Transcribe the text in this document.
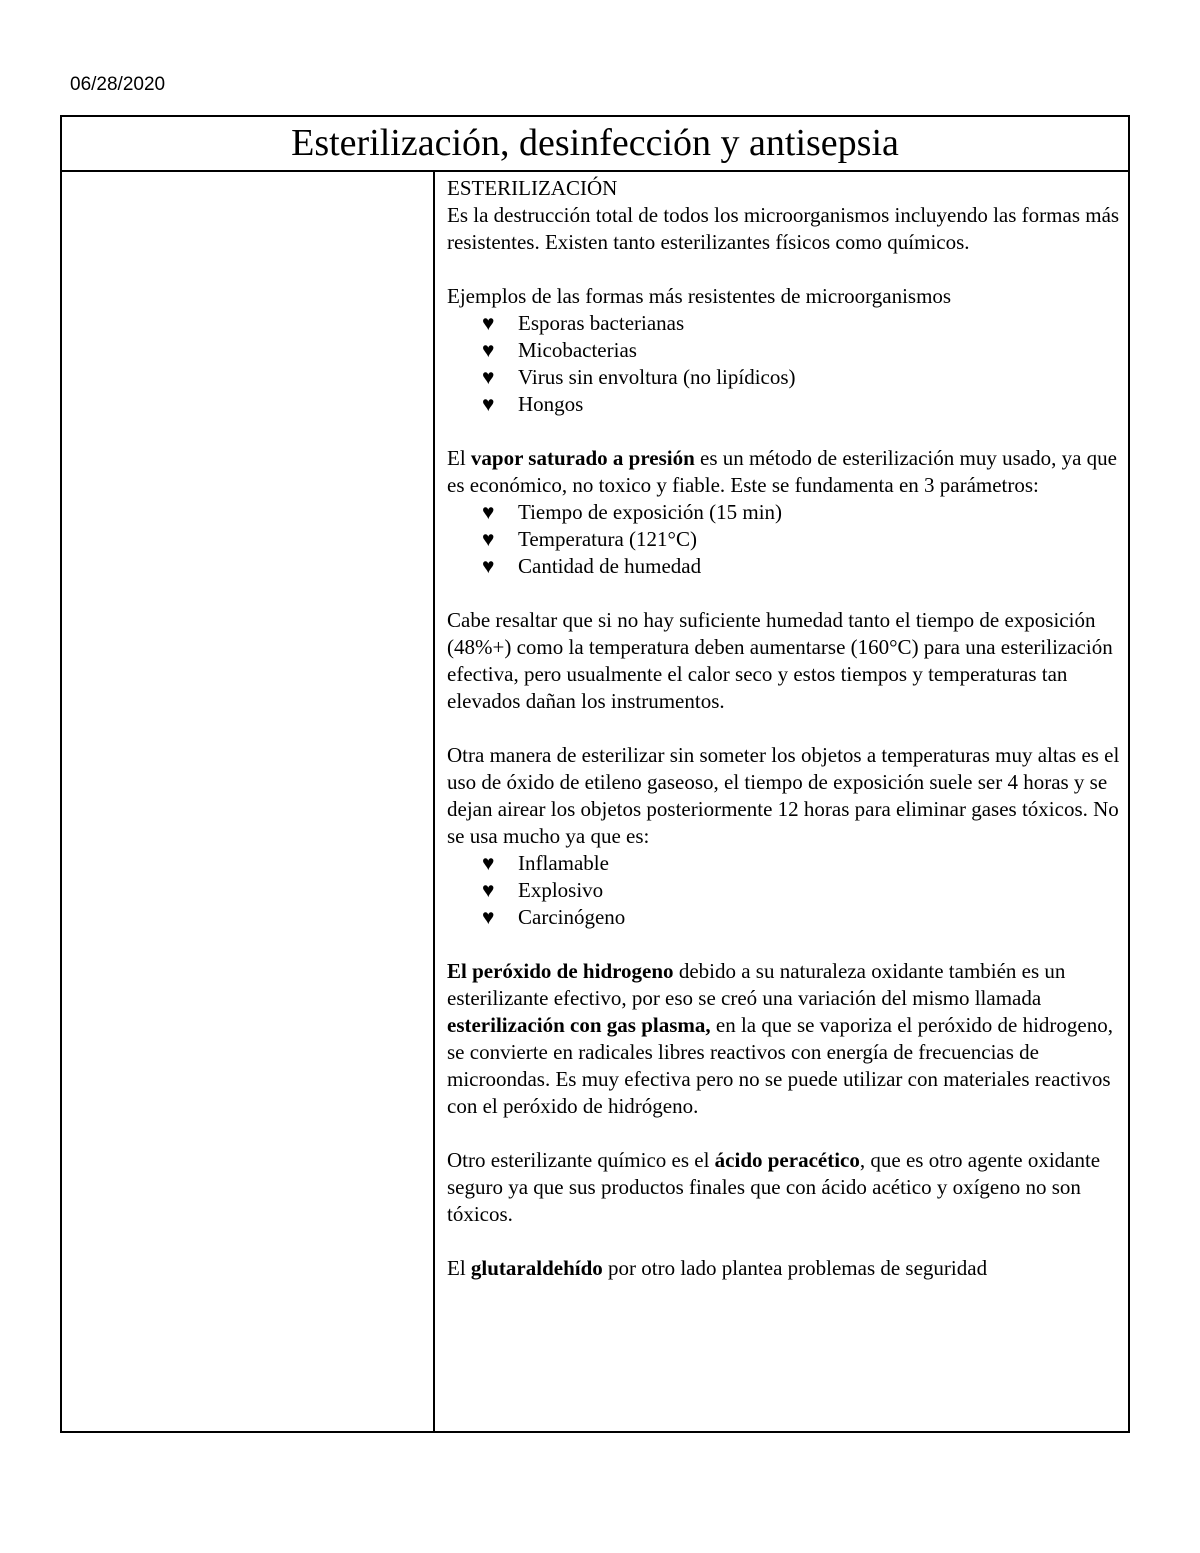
06/28/2020
Esterilización, desinfección y antisepsia

ESTERILIZACIÓN

Es la destrucción total de todos los microorganismos incluyendo las formas más resistentes. Existen tanto esterilizantes físicos como químicos.

Ejemplos de las formas más resistentes de microorganismos

♥ Esporas bacterianas
♥ Micobacterias
♥ Virus sin envoltura (no lipídicos)
♥ Hongos

El vapor saturado a presión es un método de esterilización muy usado, ya que es económico, no toxico y fiable. Este se fundamenta en 3 parámetros:

♥ Tiempo de exposición (15 min)
♥ Temperatura (121°C)
♥ Cantidad de humedad

Cabe resaltar que si no hay suficiente humedad tanto el tiempo de exposición (48%+) como la temperatura deben aumentarse (160°C) para una esterilización efectiva, pero usualmente el calor seco y estos tiempos y temperaturas tan elevados dañan los instrumentos.

Otra manera de esterilizar sin someter los objetos a temperaturas muy altas es el uso de óxido de etileno gaseoso, el tiempo de exposición suele ser 4 horas y se dejan airear los objetos posteriormente 12 horas para eliminar gases tóxicos. No se usa mucho ya que es:

♥ Inflamable
♥ Explosivo
♥ Carcinógeno

El peróxido de hidrogeno debido a su naturaleza oxidante también es un esterilizante efectivo, por eso se creó una variación del mismo llamada esterilización con gas plasma, en la que se vaporiza el peróxido de hidrogeno, se convierte en radicales libres reactivos con energía de frecuencias de microondas. Es muy efectiva pero no se puede utilizar con materiales reactivos con el peróxido de hidrógeno.

Otro esterilizante químico es el ácido peracético, que es otro agente oxidante seguro ya que sus productos finales que con ácido acético y oxígeno no son tóxicos.

El glutaraldehído por otro lado plantea problemas de seguridad
